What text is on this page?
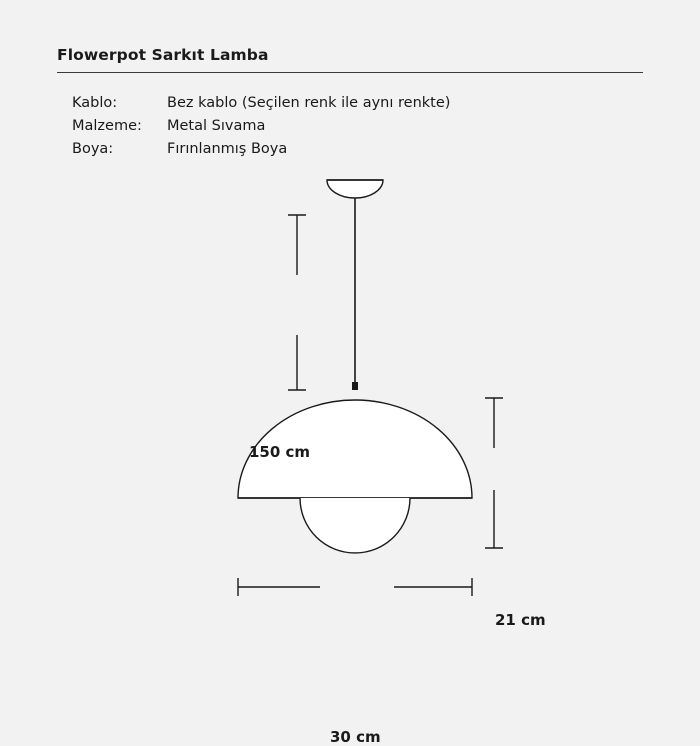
Flowerpot Sarkıt Lamba
Kablo:	Bez kablo (Seçilen renk ile aynı renkte)
Malzeme:	Metal Sıvama
Boya:	Fırınlanmış Boya
150 cm
21 cm
30 cm
